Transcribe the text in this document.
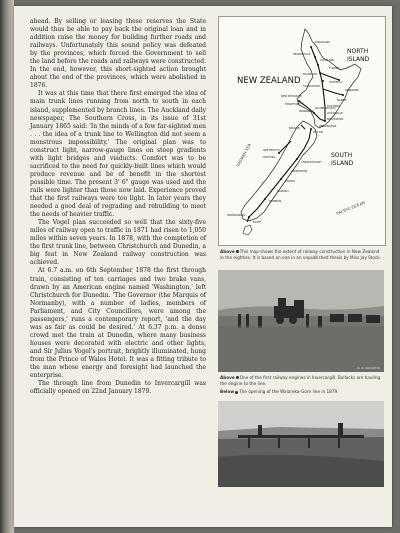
ahead. By selling or leasing these reserves the State would thus be able to pay back the original loan and in addition raise the money for building further roads and railways. Unfortunately this sound policy was defeated by the provinces, which forced the Government to sell the land before the roads and railways were constructed. In the end, however, this short-sighted action brought about the end of the provinces, which were abolished in 1876.

It was at this time that there first emerged the idea of main trunk lines running from north to south in each island, supplemented by branch lines. The Auckland daily newspaper, The Southern Cross, in its issue of 31st January 1865 said: 'In the minds of a few far-sighted men . . . the idea of a trunk line to Wellington did not seem a monstrous impossibility.' The original plan was to construct light, narrow-gauge lines on steep gradients with light bridges and viaducts. Comfort was to be sacrificed to the need for quickly-built lines which would produce revenue and be of benefit in the shortest possible time. The present 3' 6" gauge was used and the rails were lighter than those now laid. Experience proved that the first railways were too light. In later years they needed a good deal of regrading and rebuilding to meet the needs of heavier traffic.

The Vogel plan succeeded so well that the sixty-five miles of railway open to traffic in 1871 had risen to 1,050 miles within seven years. In 1878, with the completion of the first trunk line, between Christchurch and Dunedin, a big feat in New Zealand railway construction was achieved.

At 6.7 a.m. on 6th September 1878 the first through train, consisting of ten carriages and two brake vans, drawn by an American engine named 'Washington,' left Christchurch for Dunedin. 'The Governor (the Marquis of Normanby), with a number of ladies, members of Parliament, and City Councillors, were among the passengers,' runs a contemporary report, 'and the day was as fair as could be desired.' At 6.37 p.m. a dense crowd met the train at Dunedin, where many business houses were decorated with electric and other lights, and Sir Julius Vogel's portrait, brightly illuminated, hung from the Prince of Wales Hotel. It was a fitting tribute to the man whose energy and foresight had launched the enterprise.

The through line from Dunedin to Invercargill was officially opened on 22nd January 1879.

NEW ZEALAND
NORTH
ISLAND
SOUTH
ISLAND
TASMAN SEA
PACIFIC OCEAN
KAWAKAWA
HELENSVILLE
AUCKLAND
THAMES
FRANKTON
ROTORUA
TAUMARUNUI
GISBORNE
NAPIER
NEW PLYMOUTH
STRATFORD
HASTINGS
WANGANUI
PALMERSTON N.
WOODVILLE
MASTERTON
WELLINGTON
PICTON
NELSON
GREYMOUTH
HOKITIKA
CHRISTCHURCH
ASHBURTON
TIMARU
OAMARU
DUNEDIN
INVERCARGILL
BLUFF
Above This map shows the extent of railway construction in New Zealand in the eighties. It is based on one in an unpublished thesis by Miss Joy Stock.
N. Z. RAILWAYS
Above One of the first railway engines in Invercargill. Bullocks are hauling the engine to the line.
Below The opening of the Waiareka-Gore line in 1879.
